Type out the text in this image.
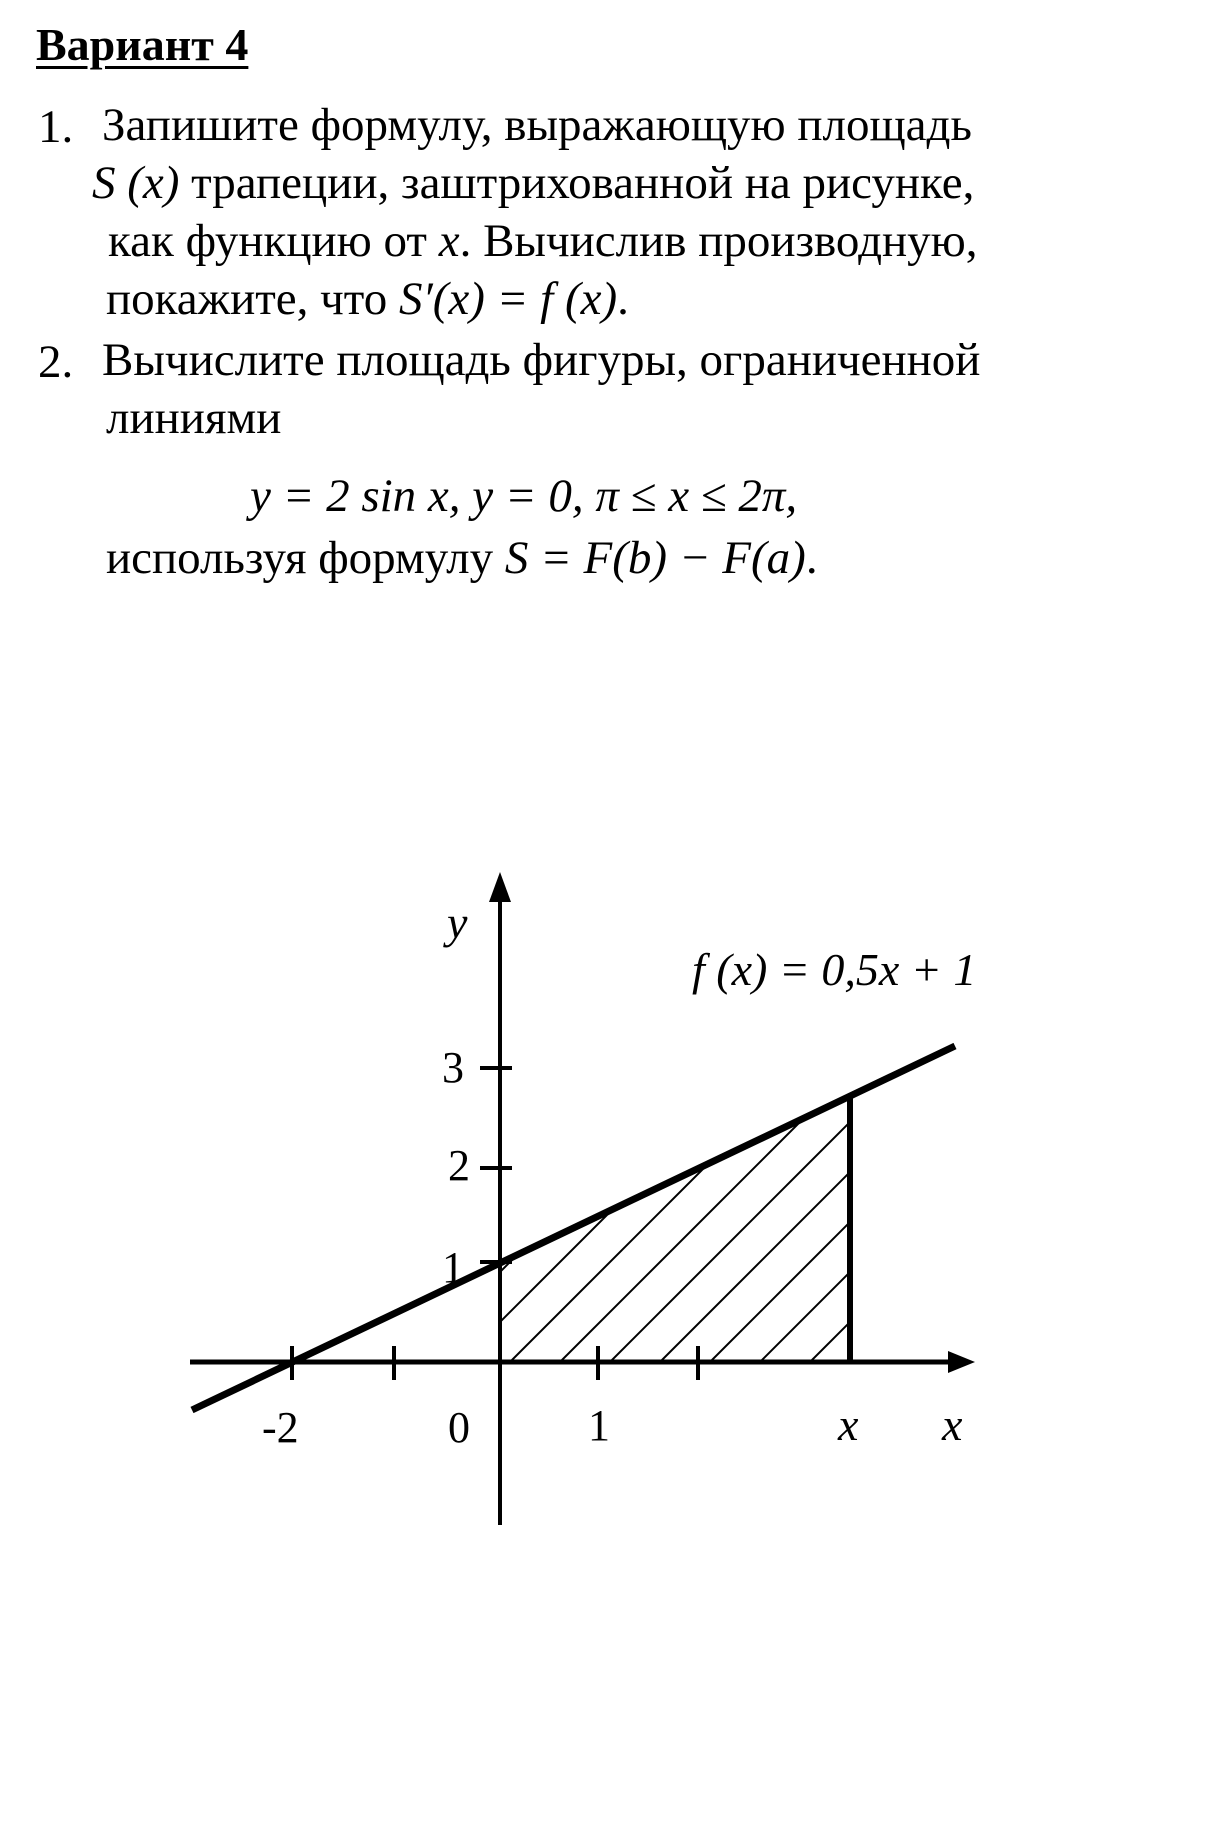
Вариант 4
1. Запишите формулу, выражающую площадь
S (x) трапеции, заштрихованной на рисунке,
как функцию от x. Вычислив производную,
покажите, что S′(x) = f (x).
2. Вычислите площадь фигуры, ограниченной
линиями
y = 2 sin x, y = 0, π ≤ x ≤ 2π,
используя формулу S = F(b) − F(a).
y
f (x) = 0,5x + 1
3
2
1
-2	0	1	x x
